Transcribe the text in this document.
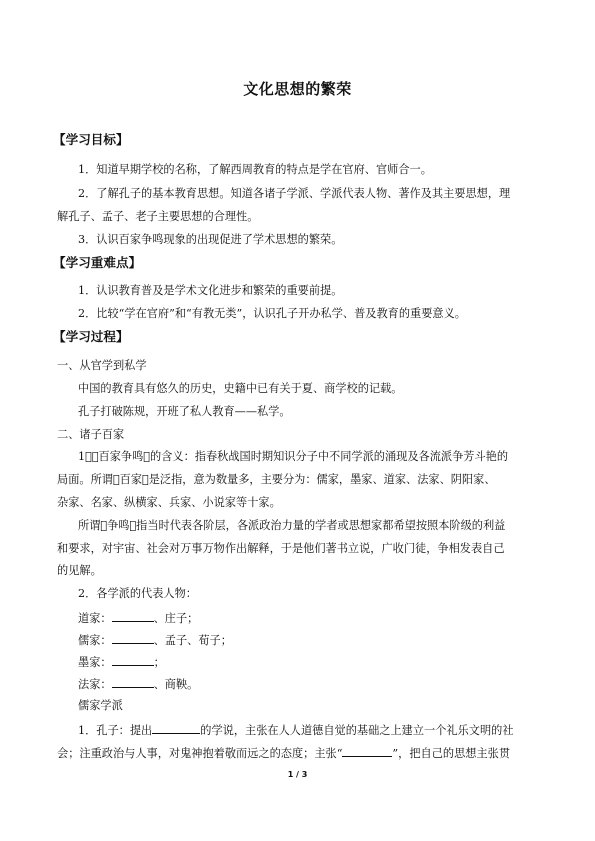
文化思想的繁荣
【学习目标】
1．知道早期学校的名称，了解西周教育的特点是学在官府、官师合一。
2．了解孔子的基本教育思想。知道各诸子学派、学派代表人物、著作及其主要思想，理
解孔子、孟子、老子主要思想的合理性。
3．认识百家争鸣现象的出现促进了学术思想的繁荣。
【学习重难点】
1．认识教育普及是学术文化进步和繁荣的重要前提。
2．比较“学在官府”和“有教无类”，认识孔子开办私学、普及教育的重要意义。
【学习过程】
一、从官学到私学
中国的教育具有悠久的历史，史籍中已有关于夏、商学校的记载。
孔子打破陈规，开班了私人教育——私学。
二、诸子百家
1．󰀀百家争鸣󰀁的含义：指春秋战国时期知识分子中不同学派的涌现及各流派争芳斗艳的
局面。所谓󰀀百家󰀁是泛指，意为数量多，主要分为：儒家，墨家、道家、法家、阴阳家、
杂家、名家、纵横家、兵家、小说家等十家。
所谓󰀀争鸣󰀁指当时代表各阶层，各派政治力量的学者或思想家都希望按照本阶级的利益
和要求，对宇宙、社会对万事万物作出解释，于是他们著书立说，广收门徒，争相发表自己
的见解。
2．各学派的代表人物：
道家：	、庄子；
儒家：	、孟子、荀子；
墨家：	；
法家：	、商鞅。
儒家学派
1．孔子：提出	的学说，主张在人人道德自觉的基础之上建立一个礼乐文明的社
会；注重政治与人事，对鬼神抱着敬而远之的态度；主张“	”，把自己的思想主张贯
1 / 3
